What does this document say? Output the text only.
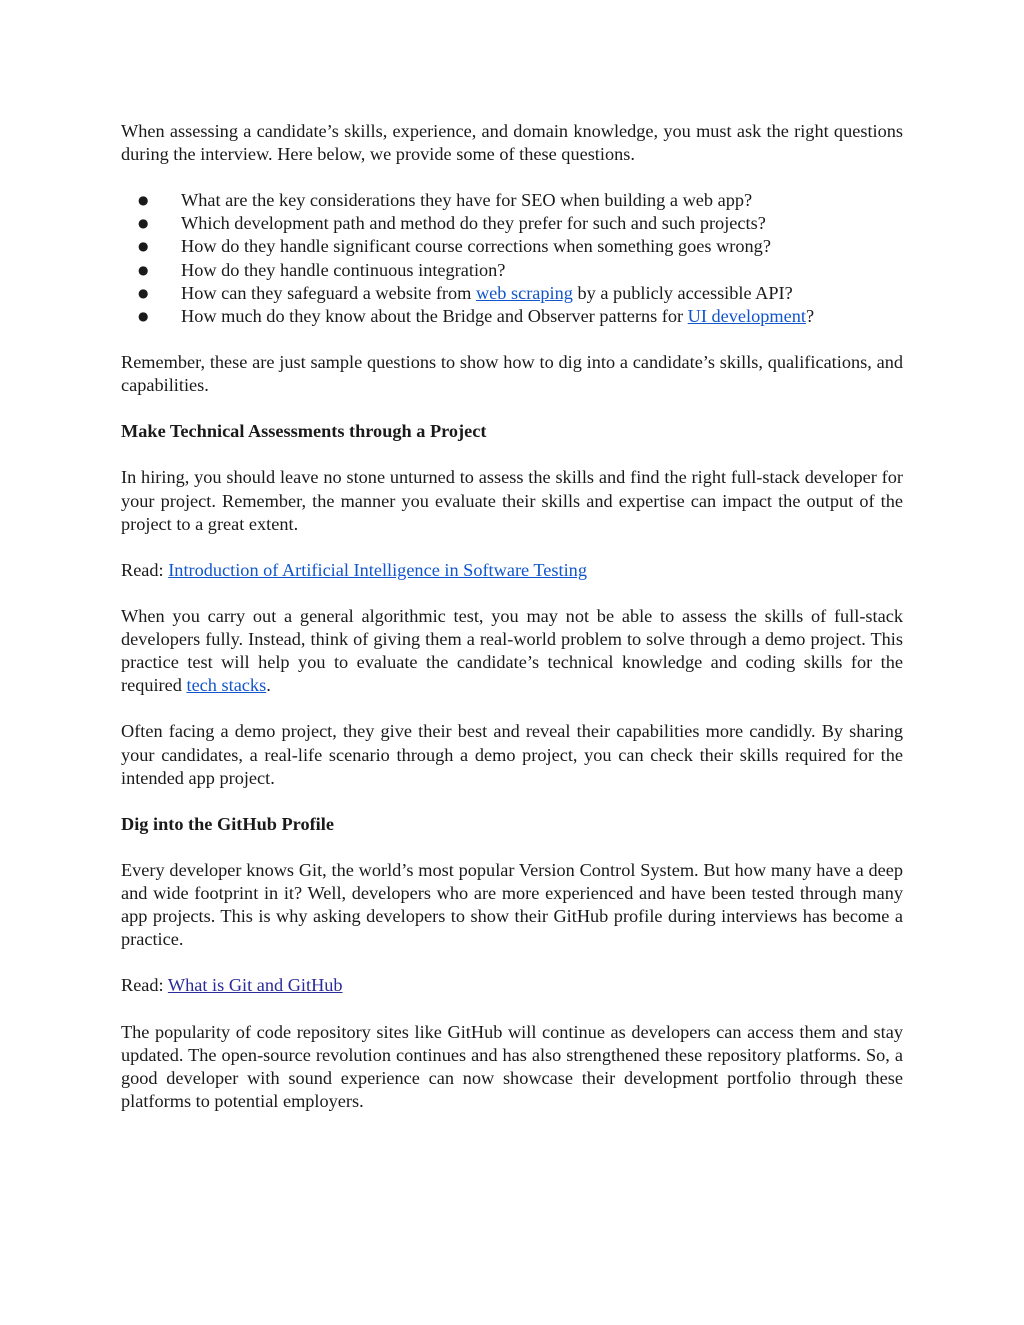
When assessing a candidate’s skills, experience, and domain knowledge, you must ask the right questions during the interview. Here below, we provide some of these questions.

● What are the key considerations they have for SEO when building a web app?
● Which development path and method do they prefer for such and such projects?
● How do they handle significant course corrections when something goes wrong?
● How do they handle continuous integration?
● How can they safeguard a website from web scraping by a publicly accessible API?
● How much do they know about the Bridge and Observer patterns for UI development?

Remember, these are just sample questions to show how to dig into a candidate’s skills, qualifications, and capabilities.

Make Technical Assessments through a Project

In hiring, you should leave no stone unturned to assess the skills and find the right full-stack developer for your project. Remember, the manner you evaluate their skills and expertise can impact the output of the project to a great extent.

Read: Introduction of Artificial Intelligence in Software Testing

When you carry out a general algorithmic test, you may not be able to assess the skills of full-stack developers fully. Instead, think of giving them a real-world problem to solve through a demo project. This practice test will help you to evaluate the candidate’s technical knowledge and coding skills for the required tech stacks.

Often facing a demo project, they give their best and reveal their capabilities more candidly. By sharing your candidates, a real-life scenario through a demo project, you can check their skills required for the intended app project.

Dig into the GitHub Profile

Every developer knows Git, the world’s most popular Version Control System. But how many have a deep and wide footprint in it? Well, developers who are more experienced and have been tested through many app projects. This is why asking developers to show their GitHub profile during interviews has become a practice.

Read: What is Git and GitHub

The popularity of code repository sites like GitHub will continue as developers can access them and stay updated. The open-source revolution continues and has also strengthened these repository platforms. So, a good developer with sound experience can now showcase their development portfolio through these platforms to potential employers.
